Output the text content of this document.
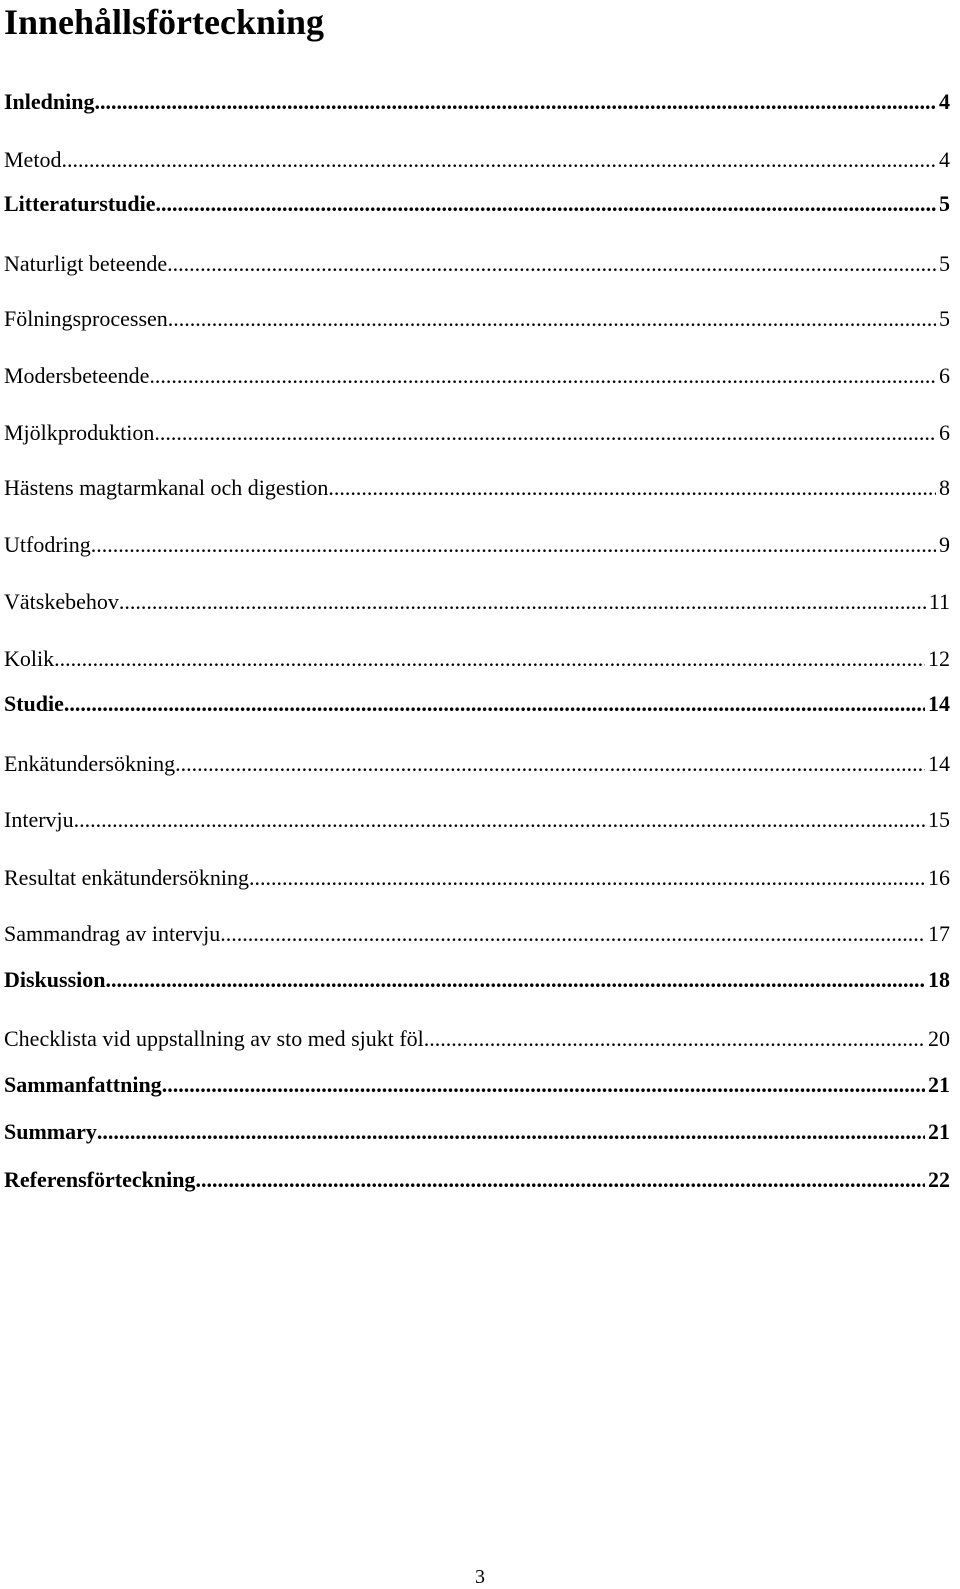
Innehållsförteckning
Inledning .....	4
Metod .....	4
Litteraturstudie .....	5
Naturligt beteende .....	5
Fölningsprocessen .....	5
Modersbeteende .....	6
Mjölkproduktion .....	6
Hästens magtarmkanal och digestion .....	8
Utfodring .....	9
Vätskebehov .....	11
Kolik .....	12
Studie .....	14
Enkätundersökning .....	14
Intervju .....	15
Resultat enkätundersökning .....	16
Sammandrag av intervju .....	17
Diskussion .....	18
Checklista vid uppstallning av sto med sjukt föl .....	20
Sammanfattning .....	21
Summary .....	21
Referensförteckning .....	22
3
